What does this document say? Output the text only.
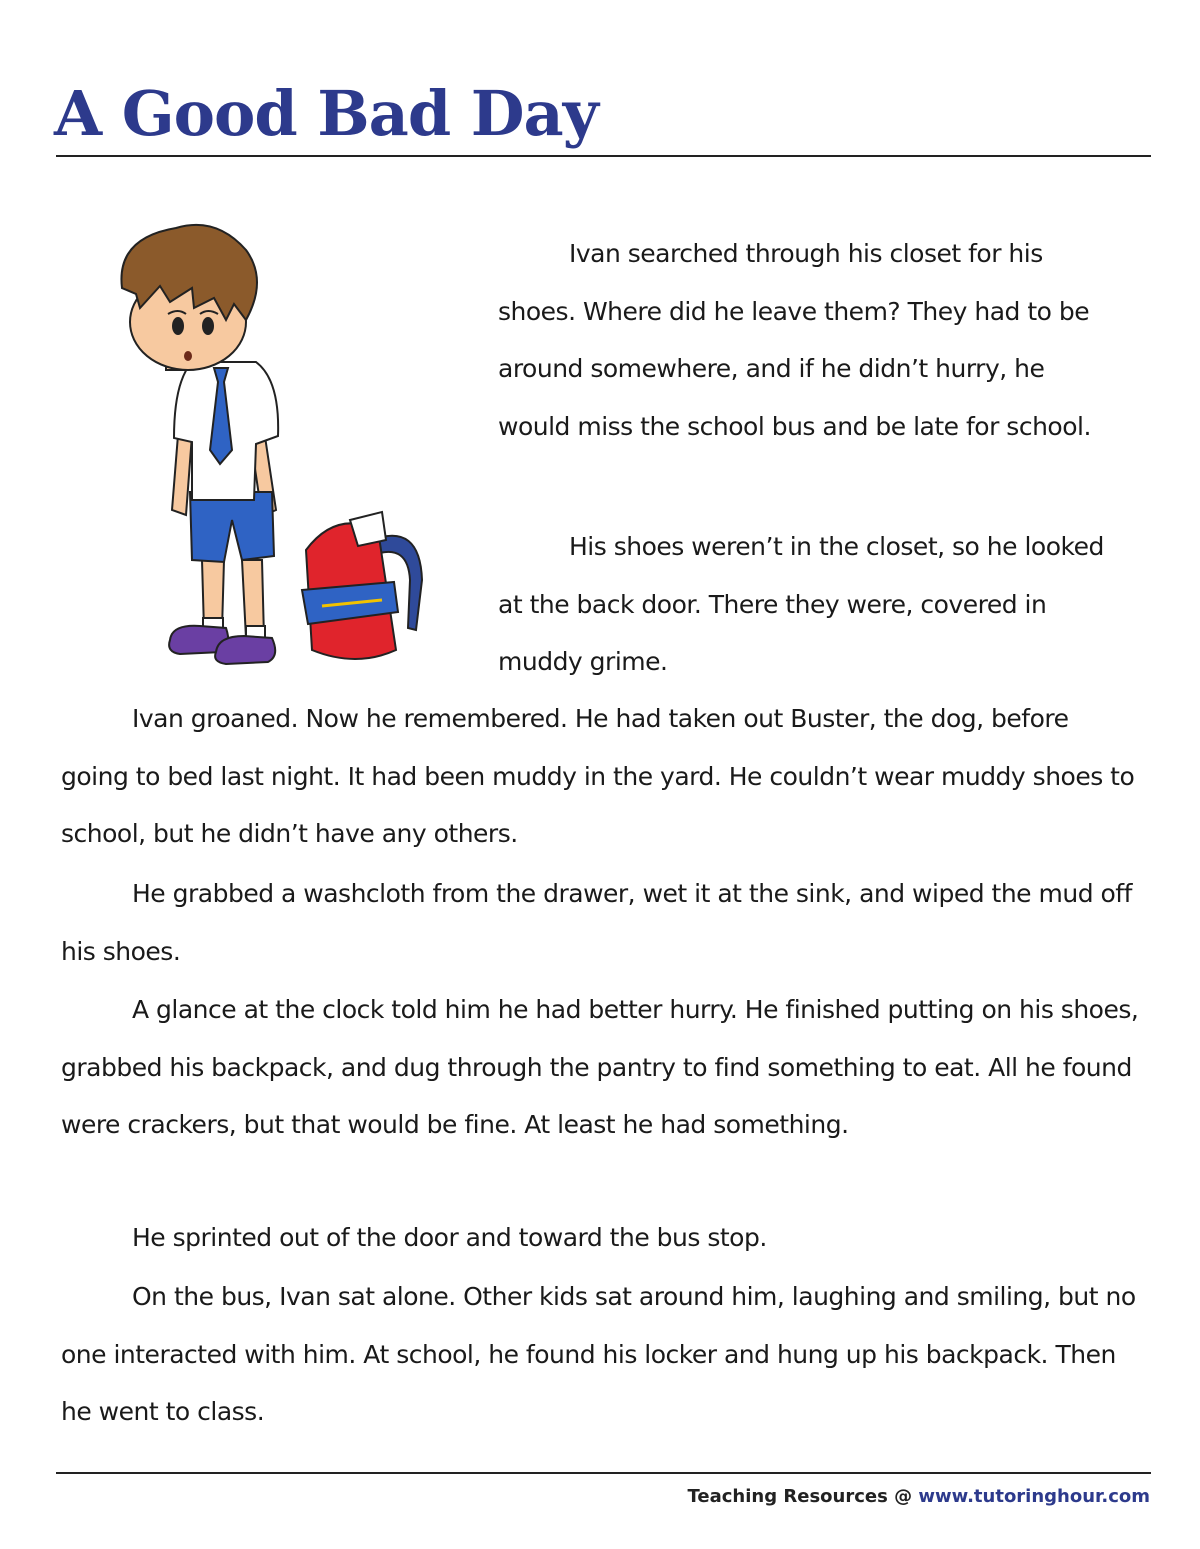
A Good Bad Day

Ivan searched through his closet for his shoes. Where did he leave them? They had to be around somewhere, and if he didn’t hurry, he would miss the school bus and be late for school.

His shoes weren’t in the closet, so he looked at the back door. There they were, covered in muddy grime.

Ivan groaned. Now he remembered. He had taken out Buster, the dog, before going to bed last night. It had been muddy in the yard. He couldn’t wear muddy shoes to school, but he didn’t have any others.

He grabbed a washcloth from the drawer, wet it at the sink, and wiped the mud off his shoes.

A glance at the clock told him he had better hurry. He finished putting on his shoes, grabbed his backpack, and dug through the pantry to find something to eat. All he found were crackers, but that would be fine. At least he had something.

He sprinted out of the door and toward the bus stop.

On the bus, Ivan sat alone. Other kids sat around him, laughing and smiling, but no one interacted with him. At school, he found his locker and hung up his backpack. Then he went to class.

Teaching Resources @ www.tutoringhour.com
